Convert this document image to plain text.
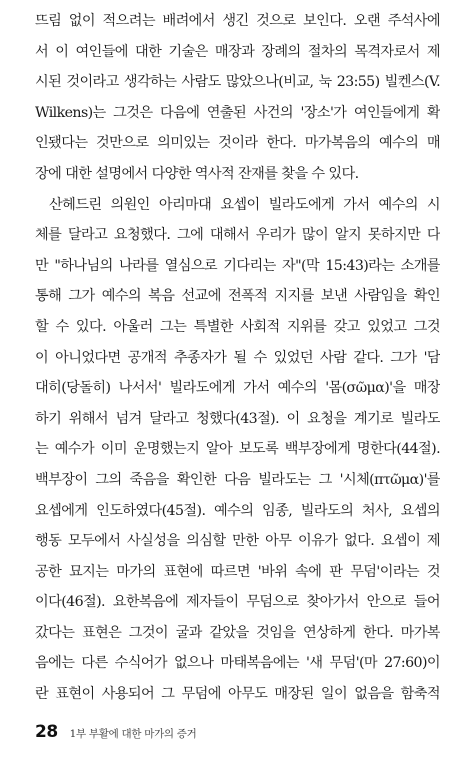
뜨림 없이 적으려는 배려에서 생긴 것으로 보인다. 오랜 주석사에
서 이 여인들에 대한 기술은 매장과 장례의 절차의 목격자로서 제
시된 것이라고 생각하는 사람도 많았으나(비교, 눅 23:55) 빌켄스(V.
Wilkens)는 그것은 다음에 연출된 사건의 '장소'가 여인들에게 확
인됐다는 것만으로 의미있는 것이라 한다. 마가복음의 예수의 매
장에 대한 설명에서 다양한 역사적 잔재를 찾을 수 있다.
산헤드린 의원인 아리마대 요셉이 빌라도에게 가서 예수의 시
체를 달라고 요청했다. 그에 대해서 우리가 많이 알지 못하지만 다
만 "하나님의 나라를 열심으로 기다리는 자"(막 15:43)라는 소개를
통해 그가 예수의 복음 선교에 전폭적 지지를 보낸 사람임을 확인
할 수 있다. 아울러 그는 특별한 사회적 지위를 갖고 있었고 그것
이 아니었다면 공개적 추종자가 될 수 있었던 사람 같다. 그가 '담
대히(당돌히) 나서서' 빌라도에게 가서 예수의 '몸(σῶμα)'을 매장
하기 위해서 넘겨 달라고 청했다(43절). 이 요청을 계기로 빌라도
는 예수가 이미 운명했는지 알아 보도록 백부장에게 명한다(44절).
백부장이 그의 죽음을 확인한 다음 빌라도는 그 '시체(πτῶμα)'를
요셉에게 인도하였다(45절). 예수의 임종, 빌라도의 처사, 요셉의
행동 모두에서 사실성을 의심할 만한 아무 이유가 없다. 요셉이 제
공한 묘지는 마가의 표현에 따르면 '바위 속에 판 무덤'이라는 것
이다(46절). 요한복음에 제자들이 무덤으로 찾아가서 안으로 들어
갔다는 표현은 그것이 굴과 같았을 것임을 연상하게 한다. 마가복
음에는 다른 수식어가 없으나 마태복음에는 '새 무덤'(마 27:60)이
란 표현이 사용되어 그 무덤에 아무도 매장된 일이 없음을 함축적
28 1부 부활에 대한 마가의 증거
